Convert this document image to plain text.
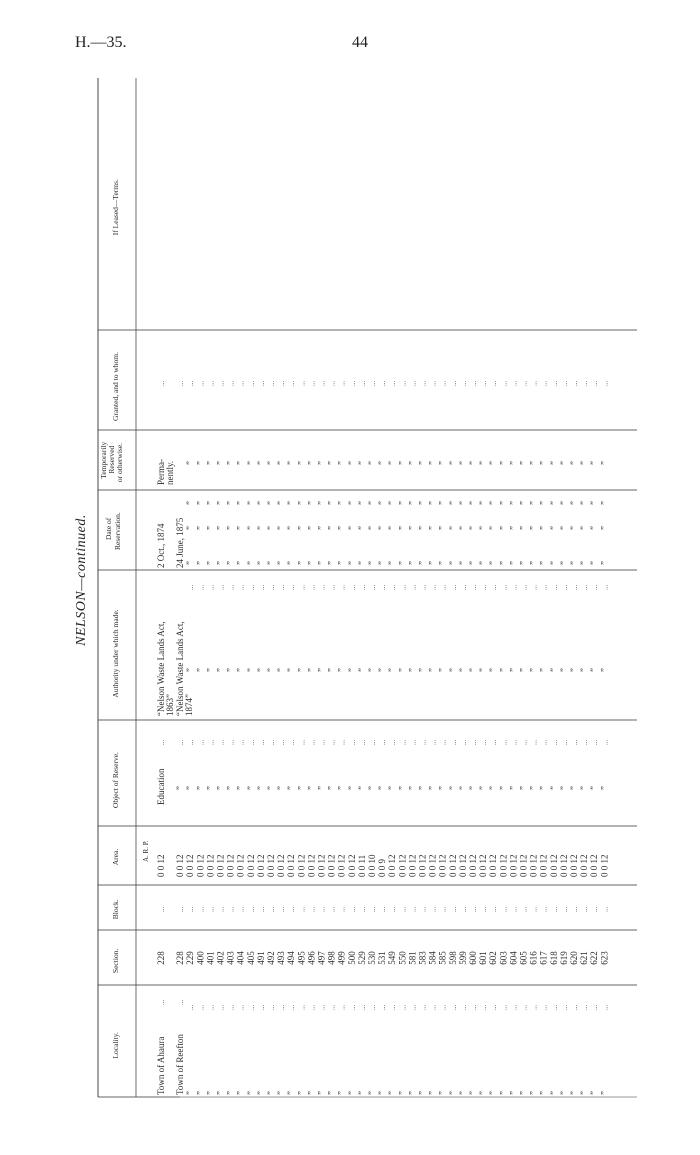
H.—35.	44
NELSON—continued.
If Leased—Terms.
Granted, and to whom.
Temporarily Reserved or otherwise.
Date of Reservation.
Authority under which made.
Object of Reserve.
Area.
Block.
Section.
Locality.
A. R. P.
Town of Ahaura
...
228
...
0 0 12
Education
...
“Nelson Waste Lands Act, 1863”
2 Oct., 1874
Perma- nently.
...
Town of Reefton
...
228
...
0 0 12
”
...
“Nelson Waste Lands Act, 1874”
24 June, 1875
...
”
...
229
...
0 0 12
”
...
”
...
”
”
”
”
...
”
...
400
...
0 0 12
”
...
”
...
”
”
”
”
...
”
...
401
...
0 0 12
”
...
”
...
”
”
”
”
...
”
...
402
...
0 0 12
”
...
”
...
”
”
”
”
...
”
...
403
...
0 0 12
”
...
”
...
”
”
”
”
...
”
...
404
...
0 0 12
”
...
”
...
”
”
”
”
...
”
...
405
...
0 0 12
”
...
”
...
”
”
”
”
...
”
...
491
...
0 0 12
”
...
”
...
”
”
”
”
...
”
...
492
...
0 0 12
”
...
”
...
”
”
”
”
...
”
...
493
...
0 0 12
”
...
”
...
”
”
”
”
...
”
...
494
...
0 0 12
”
...
”
...
”
”
”
”
...
”
...
495
...
0 0 12
”
...
”
...
”
”
”
”
...
”
...
496
...
0 0 12
”
...
”
...
”
”
”
”
...
”
...
497
...
0 0 12
”
...
”
...
”
”
”
”
...
”
...
498
...
0 0 12
”
...
”
...
”
”
”
”
...
”
...
499
...
0 0 12
”
...
”
...
”
”
”
”
...
”
...
500
...
0 0 12
”
...
”
...
”
”
”
”
...
”
...
529
...
0 0 11
”
...
”
...
”
”
”
”
...
”
...
530
...
0 0 10
”
...
”
...
”
”
”
”
...
”
...
531
...
0 0 9
”
...
”
...
”
”
”
”
...
”
...
549
...
0 0 12
”
...
”
...
”
”
”
”
...
”
...
550
...
0 0 12
”
...
”
...
”
”
”
”
...
”
...
581
...
0 0 12
”
...
”
...
”
”
”
”
...
”
...
583
...
0 0 12
”
...
”
...
”
”
”
”
...
”
...
584
...
0 0 12
”
...
”
...
”
”
”
”
...
”
...
585
...
0 0 12
”
...
”
...
”
”
”
”
...
”
...
598
...
0 0 12
”
...
”
...
”
”
”
”
...
”
...
599
...
0 0 12
”
...
”
...
”
”
”
”
...
”
...
600
...
0 0 12
”
...
”
...
”
”
”
”
...
”
...
601
...
0 0 12
”
...
”
...
”
”
”
”
...
”
...
602
...
0 0 12
”
...
”
...
”
”
”
”
...
”
...
603
...
0 0 12
”
...
”
...
”
”
”
”
...
”
...
604
...
0 0 12
”
...
”
...
”
”
”
”
...
”
...
605
...
0 0 12
”
...
”
...
”
”
”
”
...
”
...
616
...
0 0 12
”
...
”
...
”
”
”
”
...
”
...
617
...
0 0 12
”
...
”
...
”
”
”
”
...
”
...
618
...
0 0 12
”
...
”
...
”
”
”
”
...
”
...
619
...
0 0 12
”
...
”
...
”
”
”
”
...
”
...
620
...
0 0 12
”
...
”
...
”
”
”
”
...
”
...
621
...
0 0 12
”
...
”
...
”
”
”
”
...
”
...
622
...
0 0 12
”
...
”
...
”
”
”
”
...
”
...
623
...
0 0 12
”
...
”
...
”
”
”
”
...
